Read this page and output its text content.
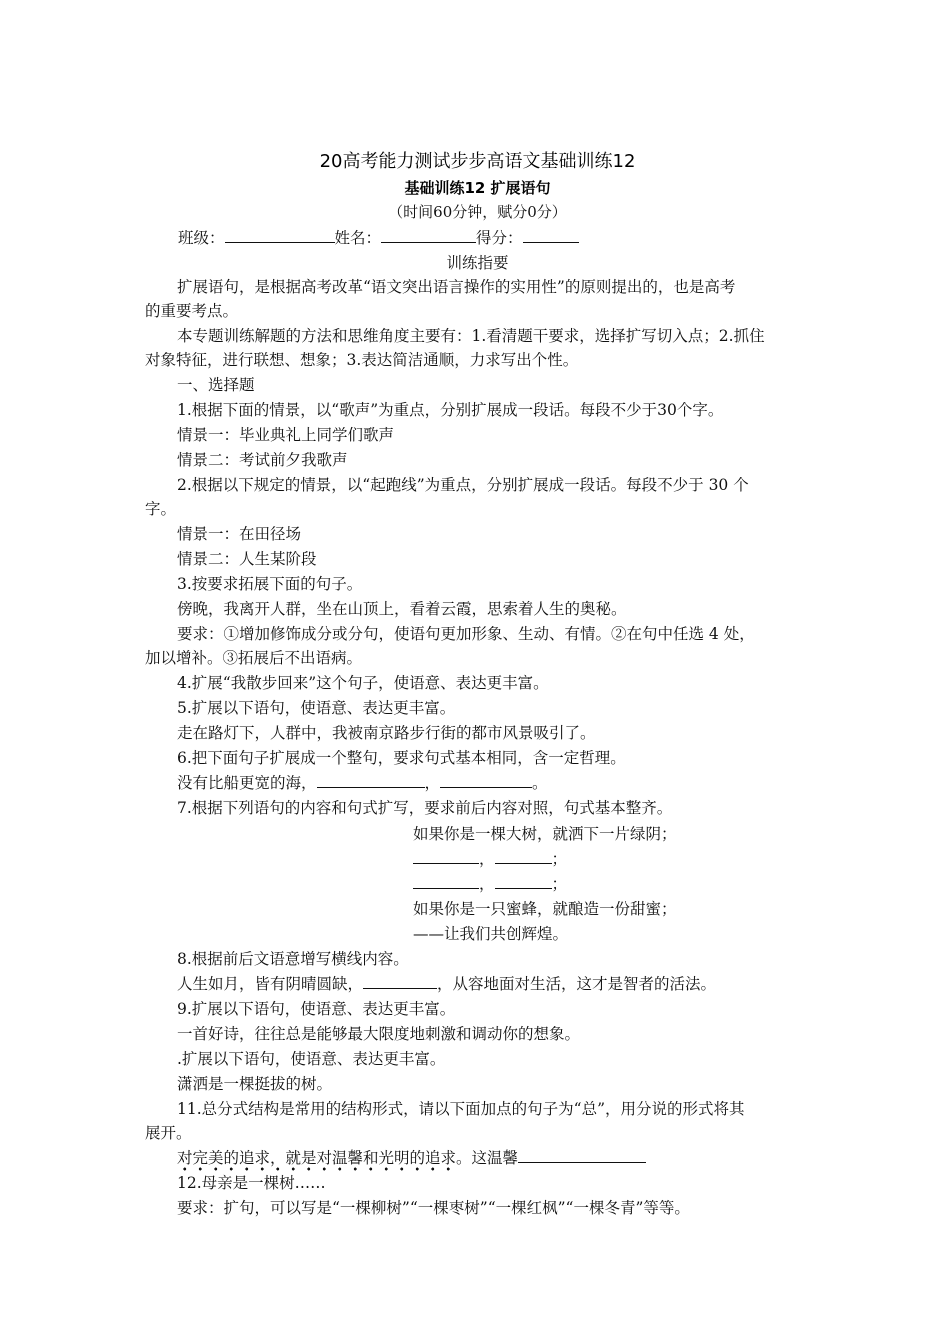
20高考能力测试步步高语文基础训练12
基础训练12 扩展语句
（时间60分钟，赋分0分）
班级：	姓名：	得分：
训练指要
扩展语句，是根据高考改革“语文突出语言操作的实用性”的原则提出的，也是高考
的重要考点。
本专题训练解题的方法和思维角度主要有：1.看清题干要求，选择扩写切入点；2.抓住
对象特征，进行联想、想象；3.表达简洁通顺，力求写出个性。
一、选择题
1.根据下面的情景，以“歌声”为重点，分别扩展成一段话。每段不少于30个字。
情景一：毕业典礼上同学们歌声
情景二：考试前夕我歌声
2.根据以下规定的情景，以“起跑线”为重点，分别扩展成一段话。每段不少于 30 个
字。
情景一：在田径场
情景二：人生某阶段
3.按要求拓展下面的句子。
傍晚，我离开人群，坐在山顶上，看着云霞，思索着人生的奥秘。
要求：①增加修饰成分或分句，使语句更加形象、生动、有情。②在句中任选 4 处，
加以增补。③拓展后不出语病。
4.扩展“我散步回来”这个句子，使语意、表达更丰富。
5.扩展以下语句，使语意、表达更丰富。
走在路灯下，人群中，我被南京路步行街的都市风景吸引了。
6.把下面句子扩展成一个整句，要求句式基本相同，含一定哲理。
没有比船更宽的海，	，	。
7.根据下列语句的内容和句式扩写，要求前后内容对照，句式基本整齐。
如果你是一棵大树，就洒下一片绿阴；
，	；
，	；
如果你是一只蜜蜂，就酿造一份甜蜜；
——让我们共创辉煌。
8.根据前后文语意增写横线内容。
人生如月，皆有阴晴圆缺，	，从容地面对生活，这才是智者的活法。
9.扩展以下语句，使语意、表达更丰富。
一首好诗，往往总是能够最大限度地刺激和调动你的想象。
.扩展以下语句，使语意、表达更丰富。
潇洒是一棵挺拔的树。
11.总分式结构是常用的结构形式，请以下面加点的句子为“总”，用分说的形式将其
展开。
对完美的追求，就是对温馨和光明的追求。这温馨
12.母亲是一棵树……
要求：扩句，可以写是“一棵柳树”“一棵枣树”“一棵红枫”“一棵冬青”等等。
